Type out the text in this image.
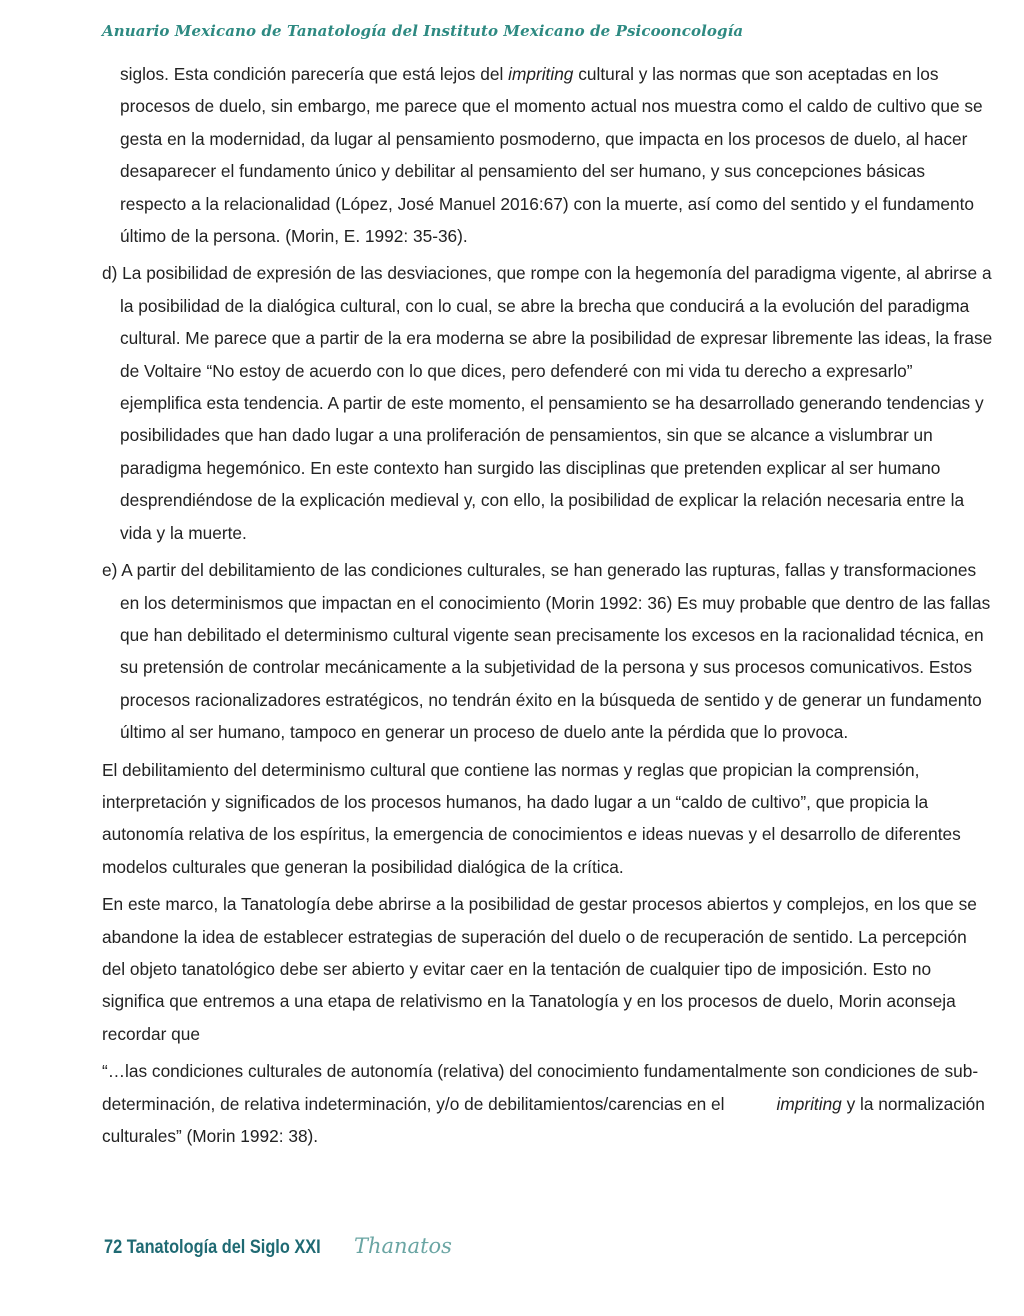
Anuario Mexicano de Tanatología del Instituto Mexicano de Psicooncología

siglos. Esta condición parecería que está lejos del impriting cultural y las normas que son aceptadas en los procesos de duelo, sin embargo, me parece que el momento actual nos muestra como el caldo de cultivo que se gesta en la modernidad, da lugar al pensamiento posmoderno, que impacta en los procesos de duelo, al hacer desaparecer el fundamento único y debilitar al pensamiento del ser humano, y sus concepciones básicas respecto a la relacionalidad (López, José Manuel 2016:67) con la muerte, así como del sentido y el fundamento último de la persona. (Morin, E. 1992: 35-36).

d) La posibilidad de expresión de las desviaciones, que rompe con la hegemonía del paradigma vigente, al abrirse a la posibilidad de la dialógica cultural, con lo cual, se abre la brecha que conducirá a la evolución del paradigma cultural. Me parece que a partir de la era moderna se abre la posibilidad de expresar libremente las ideas, la frase de Voltaire “No estoy de acuerdo con lo que dices, pero defenderé con mi vida tu derecho a expresarlo” ejemplifica esta tendencia. A partir de este momento, el pensamiento se ha desarrollado generando tendencias y posibilidades que han dado lugar a una proliferación de pensamientos, sin que se alcance a vislumbrar un paradigma hegemónico. En este contexto han surgido las disciplinas que pretenden explicar al ser humano desprendiéndose de la explicación medieval y, con ello, la posibilidad de explicar la relación necesaria entre la vida y la muerte.

e) A partir del debilitamiento de las condiciones culturales, se han generado las rupturas, fallas y transformaciones en los determinismos que impactan en el conocimiento (Morin 1992: 36) Es muy probable que dentro de las fallas que han debilitado el determinismo cultural vigente sean precisamente los excesos en la racionalidad técnica, en su pretensión de controlar mecánicamente a la subjetividad de la persona y sus procesos comunicativos. Estos procesos racionalizadores estratégicos, no tendrán éxito en la búsqueda de sentido y de generar un fundamento último al ser humano, tampoco en generar un proceso de duelo ante la pérdida que lo provoca.

El debilitamiento del determinismo cultural que contiene las normas y reglas que propician la comprensión, interpretación y significados de los procesos humanos, ha dado lugar a un “caldo de cultivo”, que propicia la autonomía relativa de los espíritus, la emergencia de conocimientos e ideas nuevas y el desarrollo de diferentes modelos culturales que generan la posibilidad dialógica de la crítica.

En este marco, la Tanatología debe abrirse a la posibilidad de gestar procesos abiertos y complejos, en los que se abandone la idea de establecer estrategias de superación del duelo o de recuperación de sentido. La percepción del objeto tanatológico debe ser abierto y evitar caer en la tentación de cualquier tipo de imposición. Esto no significa que entremos a una etapa de relativismo en la Tanatología y en los procesos de duelo, Morin aconseja recordar que

“…las condiciones culturales de autonomía (relativa) del conocimiento fundamentalmente son condiciones de sub-determinación, de relativa indeterminación, y/o de debilitamientos/carencias en el	impriting y la normalización culturales” (Morin 1992: 38).

72 Tanatología del Siglo XXI Thanatos
